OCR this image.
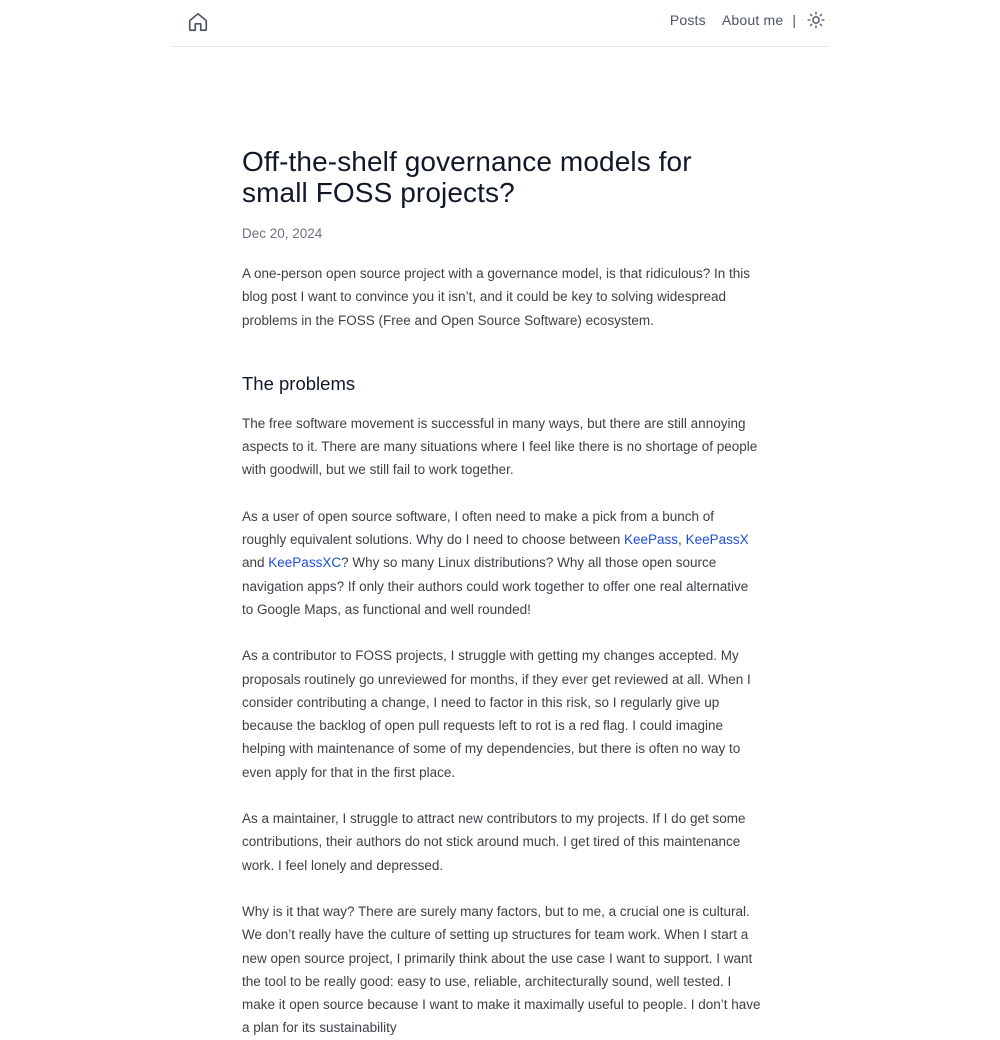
Posts About me |
Off-the-shelf governance models for small FOSS projects?
Dec 20, 2024

A one-person open source project with a governance model, is that ridiculous? In this blog post I want to convince you it isn’t, and it could be key to solving widespread problems in the FOSS (Free and Open Source Software) ecosystem.

The problems

The free software movement is successful in many ways, but there are still annoying aspects to it. There are many situations where I feel like there is no shortage of people with goodwill, but we still fail to work together.

As a user of open source software, I often need to make a pick from a bunch of roughly equivalent solutions. Why do I need to choose between KeePass, KeePassX and KeePassXC? Why so many Linux distributions? Why all those open source navigation apps? If only their authors could work together to offer one real alternative to Google Maps, as functional and well rounded!

As a contributor to FOSS projects, I struggle with getting my changes accepted. My proposals routinely go unreviewed for months, if they ever get reviewed at all. When I consider contributing a change, I need to factor in this risk, so I regularly give up because the backlog of open pull requests left to rot is a red flag. I could imagine helping with maintenance of some of my dependencies, but there is often no way to even apply for that in the first place.

As a maintainer, I struggle to attract new contributors to my projects. If I do get some contributions, their authors do not stick around much. I get tired of this maintenance work. I feel lonely and depressed.

Why is it that way? There are surely many factors, but to me, a crucial one is cultural. We don’t really have the culture of setting up structures for team work. When I start a new open source project, I primarily think about the use case I want to support. I want the tool to be really good: easy to use, reliable, architecturally sound, well tested. I make it open source because I want to make it maximally useful to people. I don’t have a plan for its sustainability
